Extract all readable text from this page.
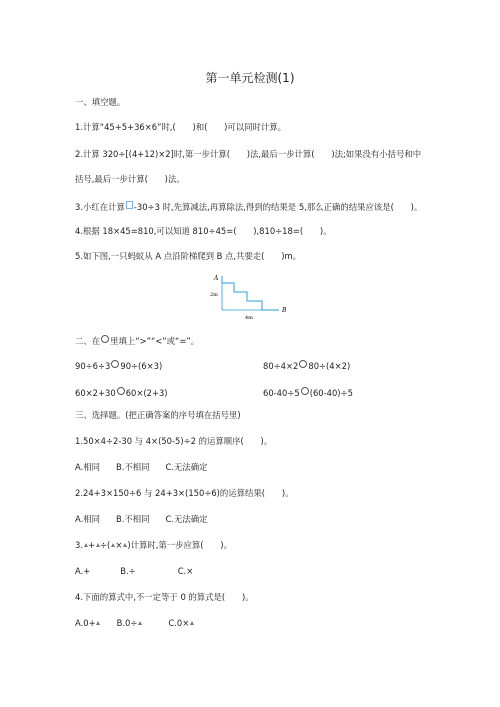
第一单元检测(1)
一、填空题。
1.计算“45+5+36×6”时,(　　)和(　　)可以同时计算。
2.计算 320÷[(4+12)×2]时,第一步计算(　　)法,最后一步计算(　　)法;如果没有小括号和中
括号,最后一步计算(　　)法。
3.小红在计算 -30÷3 时,先算减法,再算除法,得到的结果是 5,那么正确的结果应该是(　　)。
4.根据 18×45=810,可以知道 810÷45=(　　),810÷18=(　　)。
5.如下图,一只蚂蚁从 A 点沿阶梯爬到 B 点,共要走(　　)m。
A
B
2m
4m
二、在 里填上“>”“<”或“=”。
90÷6÷3 90÷(6×3)	80÷4×2 80÷(4×2)
60×2+30 60×(2+3)	60-40÷5 (60-40)÷5
三、选择题。(把正确答案的序号填在括号里)
1.50×4÷2-30 与 4×(50-5)÷2 的运算顺序(　　)。
A.相同 B.不相同 C.无法确定
2.24+3×150÷6 与 24+3×(150÷6)的运算结果(　　)。
A.相同 B.不相同 C.无法确定
3. + ÷( × )计算时,第一步应算(　　)。
A.+	B.÷	C.×
4.下面的算式中,不一定等于 0 的算式是(　　)。
A.0+	B.0÷	C.0×
